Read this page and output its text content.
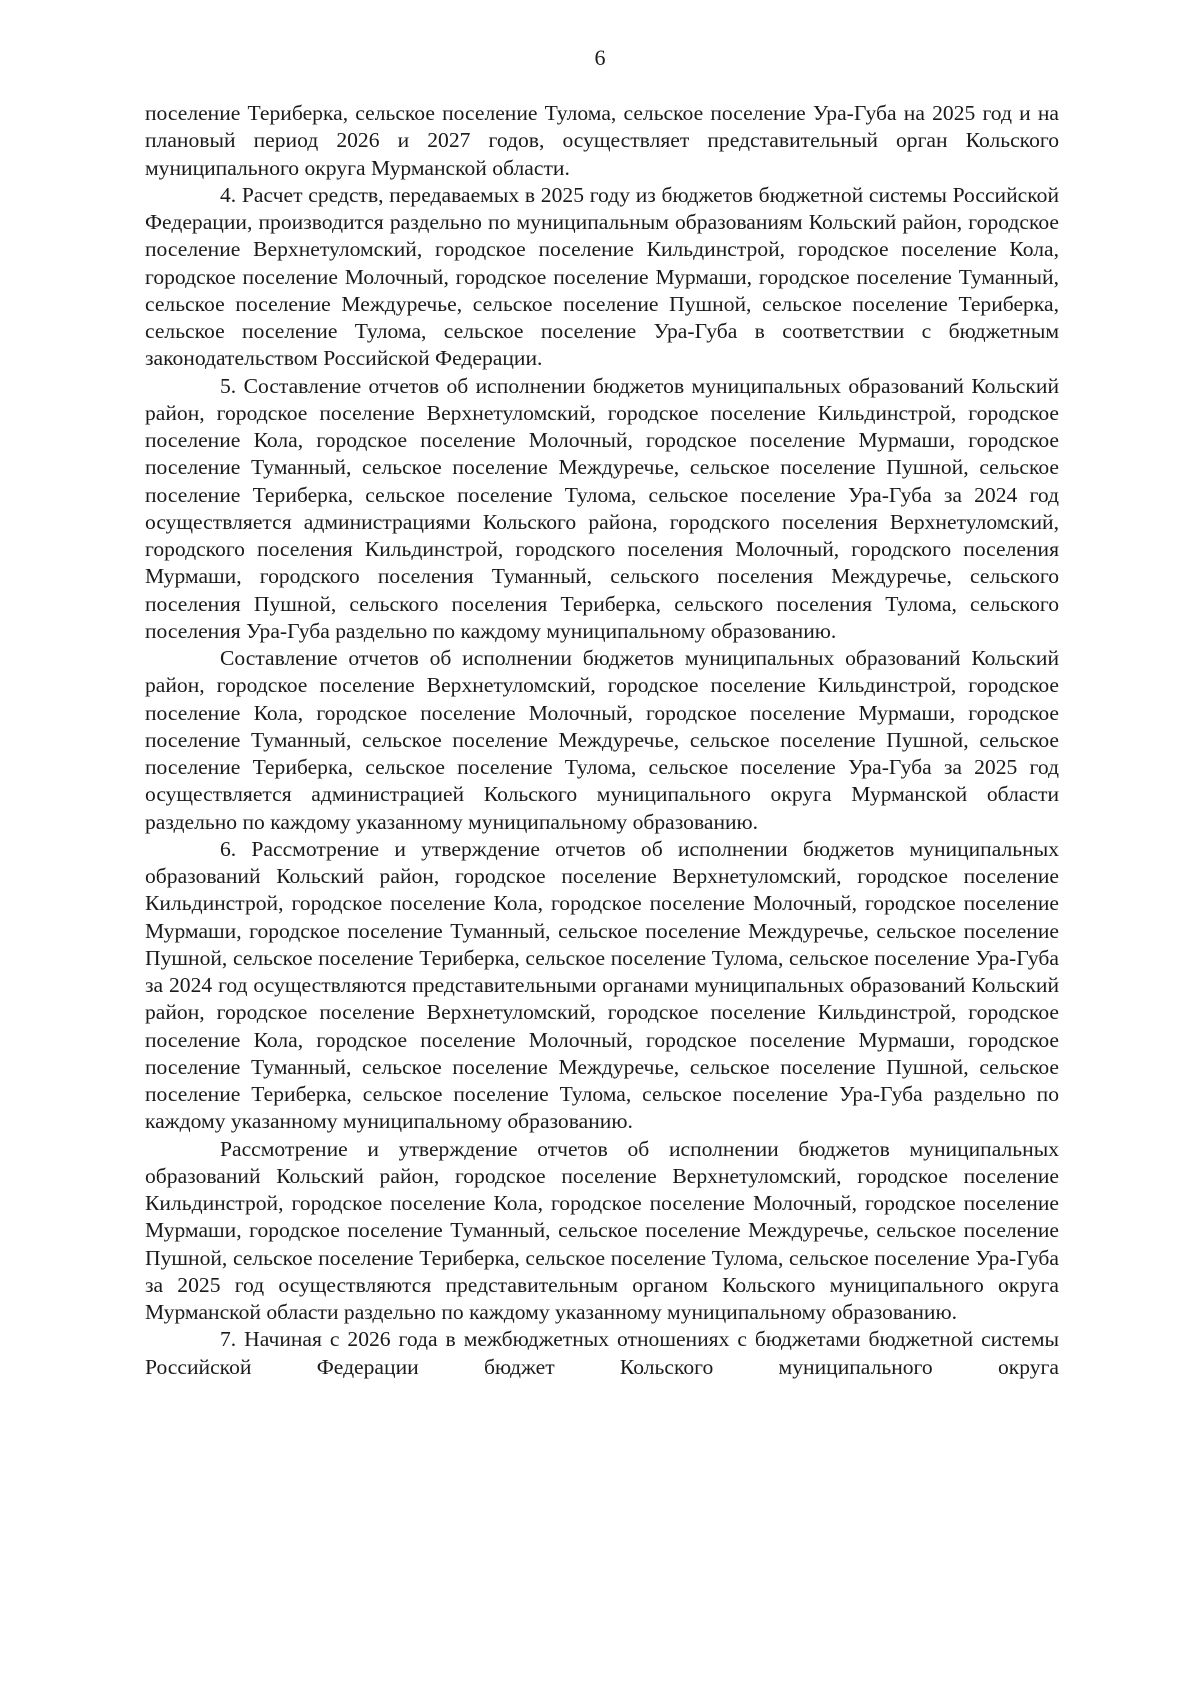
6

поселение Териберка, сельское поселение Тулома, сельское поселение Ура-Губа на 2025 год и на плановый период 2026 и 2027 годов, осуществляет представительный орган Кольского муниципального округа Мурманской области.

4. Расчет средств, передаваемых в 2025 году из бюджетов бюджетной системы Российской Федерации, производится раздельно по муниципальным образованиям Кольский район, городское поселение Верхнетуломский, городское поселение Кильдинстрой, городское поселение Кола, городское поселение Молочный, городское поселение Мурмаши, городское поселение Туманный, сельское поселение Междуречье, сельское поселение Пушной, сельское поселение Териберка, сельское поселение Тулома, сельское поселение Ура-Губа в соответствии с бюджетным законодательством Российской Федерации.

5. Составление отчетов об исполнении бюджетов муниципальных образований Кольский район, городское поселение Верхнетуломский, городское поселение Кильдинстрой, городское поселение Кола, городское поселение Молочный, городское поселение Мурмаши, городское поселение Туманный, сельское поселение Междуречье, сельское поселение Пушной, сельское поселение Териберка, сельское поселение Тулома, сельское поселение Ура-Губа за 2024 год осуществляется администрациями Кольского района, городского поселения Верхнетуломский, городского поселения Кильдинстрой, городского поселения Молочный, городского поселения Мурмаши, городского поселения Туманный, сельского поселения Междуречье, сельского поселения Пушной, сельского поселения Териберка, сельского поселения Тулома, сельского поселения Ура-Губа раздельно по каждому муниципальному образованию.

Составление отчетов об исполнении бюджетов муниципальных образований Кольский район, городское поселение Верхнетуломский, городское поселение Кильдинстрой, городское поселение Кола, городское поселение Молочный, городское поселение Мурмаши, городское поселение Туманный, сельское поселение Междуречье, сельское поселение Пушной, сельское поселение Териберка, сельское поселение Тулома, сельское поселение Ура-Губа за 2025 год осуществляется администрацией Кольского муниципального округа Мурманской области раздельно по каждому указанному муниципальному образованию.

6. Рассмотрение и утверждение отчетов об исполнении бюджетов муниципальных образований Кольский район, городское поселение Верхнетуломский, городское поселение Кильдинстрой, городское поселение Кола, городское поселение Молочный, городское поселение Мурмаши, городское поселение Туманный, сельское поселение Междуречье, сельское поселение Пушной, сельское поселение Териберка, сельское поселение Тулома, сельское поселение Ура-Губа за 2024 год осуществляются представительными органами муниципальных образований Кольский район, городское поселение Верхнетуломский, городское поселение Кильдинстрой, городское поселение Кола, городское поселение Молочный, городское поселение Мурмаши, городское поселение Туманный, сельское поселение Междуречье, сельское поселение Пушной, сельское поселение Териберка, сельское поселение Тулома, сельское поселение Ура-Губа раздельно по каждому указанному муниципальному образованию.

Рассмотрение и утверждение отчетов об исполнении бюджетов муниципальных образований Кольский район, городское поселение Верхнетуломский, городское поселение Кильдинстрой, городское поселение Кола, городское поселение Молочный, городское поселение Мурмаши, городское поселение Туманный, сельское поселение Междуречье, сельское поселение Пушной, сельское поселение Териберка, сельское поселение Тулома, сельское поселение Ура-Губа за 2025 год осуществляются представительным органом Кольского муниципального округа Мурманской области раздельно по каждому указанному муниципальному образованию.

7. Начиная с 2026 года в межбюджетных отношениях с бюджетами бюджетной системы Российской Федерации бюджет Кольского муниципального округа
